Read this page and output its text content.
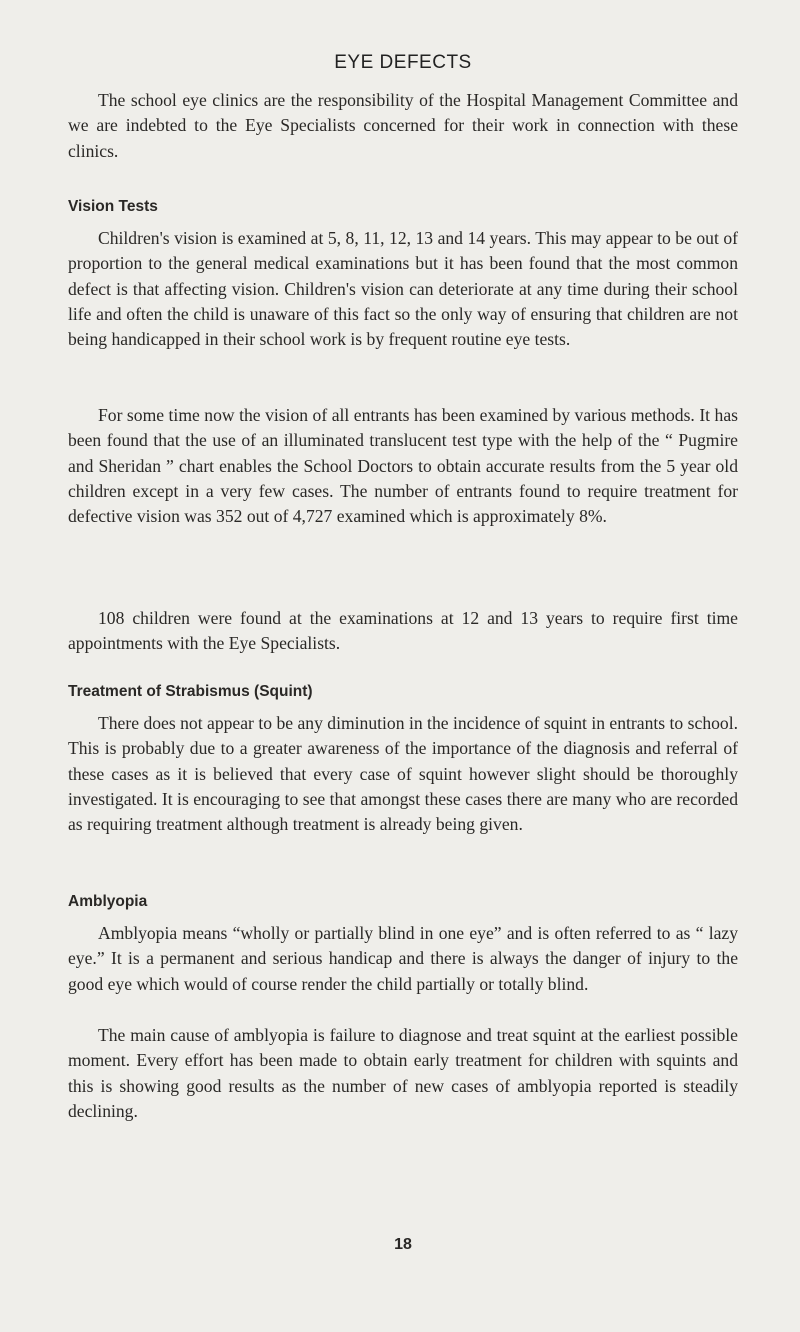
EYE DEFECTS

The school eye clinics are the responsibility of the Hospital Management Committee and we are indebted to the Eye Specialists concerned for their work in connection with these clinics.

Vision Tests

Children's vision is examined at 5, 8, 11, 12, 13 and 14 years. This may appear to be out of proportion to the general medical examinations but it has been found that the most common defect is that affecting vision. Children's vision can deteriorate at any time during their school life and often the child is unaware of this fact so the only way of ensuring that children are not being handicapped in their school work is by frequent routine eye tests.

For some time now the vision of all entrants has been examined by various methods. It has been found that the use of an illuminated translucent test type with the help of the “ Pugmire and Sheridan ” chart enables the School Doctors to obtain accurate results from the 5 year old children except in a very few cases. The number of entrants found to require treatment for defective vision was 352 out of 4,727 examined which is approximately 8%.

108 children were found at the examinations at 12 and 13 years to require first time appointments with the Eye Specialists.

Treatment of Strabismus (Squint)

There does not appear to be any diminution in the incidence of squint in entrants to school. This is probably due to a greater awareness of the importance of the diagnosis and referral of these cases as it is believed that every case of squint however slight should be thoroughly investigated. It is encouraging to see that amongst these cases there are many who are recorded as requiring treatment although treatment is already being given.

Amblyopia

Amblyopia means “wholly or partially blind in one eye” and is often referred to as “ lazy eye.” It is a permanent and serious handicap and there is always the danger of injury to the good eye which would of course render the child partially or totally blind.

The main cause of amblyopia is failure to diagnose and treat squint at the earliest possible moment. Every effort has been made to obtain early treatment for children with squints and this is showing good results as the number of new cases of amblyopia reported is steadily declining.

18
